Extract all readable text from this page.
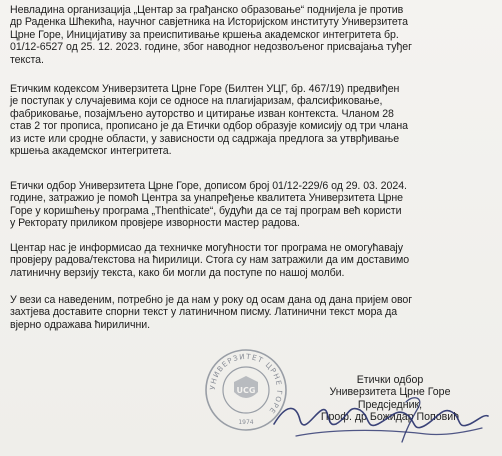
Невладина организација „Центар за грађанско образовање“ поднијела је против
др Раденка Шћекића, научног савјетника на Историјском институту Универзитета
Црне Горе, Иницијативу за преиспитивање кршења академског интегритета бр.
01/12-6527 од 25. 12. 2023. године, због наводног недозвољеног присвајања туђег
текста.
Етичким кодексом Универзитета Црне Горе (Билтен УЦГ, бр. 467/19) предвиђен
је поступак у случајевима који се односе на плагијаризам, фалсификовање,
фабриковање, позајмљено ауторство и цитирање изван контекста. Чланом 28
став 2 тог прописа, прописано је да Етички одбор образује комисију од три члана
из истe или сродне области, у зависности од садржаја предлога за утврђивање
кршења академског интегритета.
Етички одбор Универзитета Црне Горе, дописом број 01/12-229/6 од 29. 03. 2024.
године, затражио је помоћ Центра за унапређење квалитета Универзитета Црне
Горе у коришћењу програма „Thenthicate“, будући да се тај програм већ користи
у Ректорату приликом провјере изворности мастер радова.
Центар нас је информисао да техничке могућности тог програма не омогућавају
провјеру радова/текстова на ћирилици. Стога су нам затражили да им доставимо
латиничну верзију текста, како би могли да поступе по нашој молби.
У вези са наведеним, потребно је да нам у року од осам дана од дана пријем овог
захтјева доставите спорни текст у латиничном писму. Латинични текст мора да
вјерно одражава ћирилични.
УНИВЕРЗИТЕТ ЦРНЕ ГОРЕ
UCG
1974
Етички одбор
Универзитета Црне Горе
Предсједник,
Проф. др Божидар Поповић
